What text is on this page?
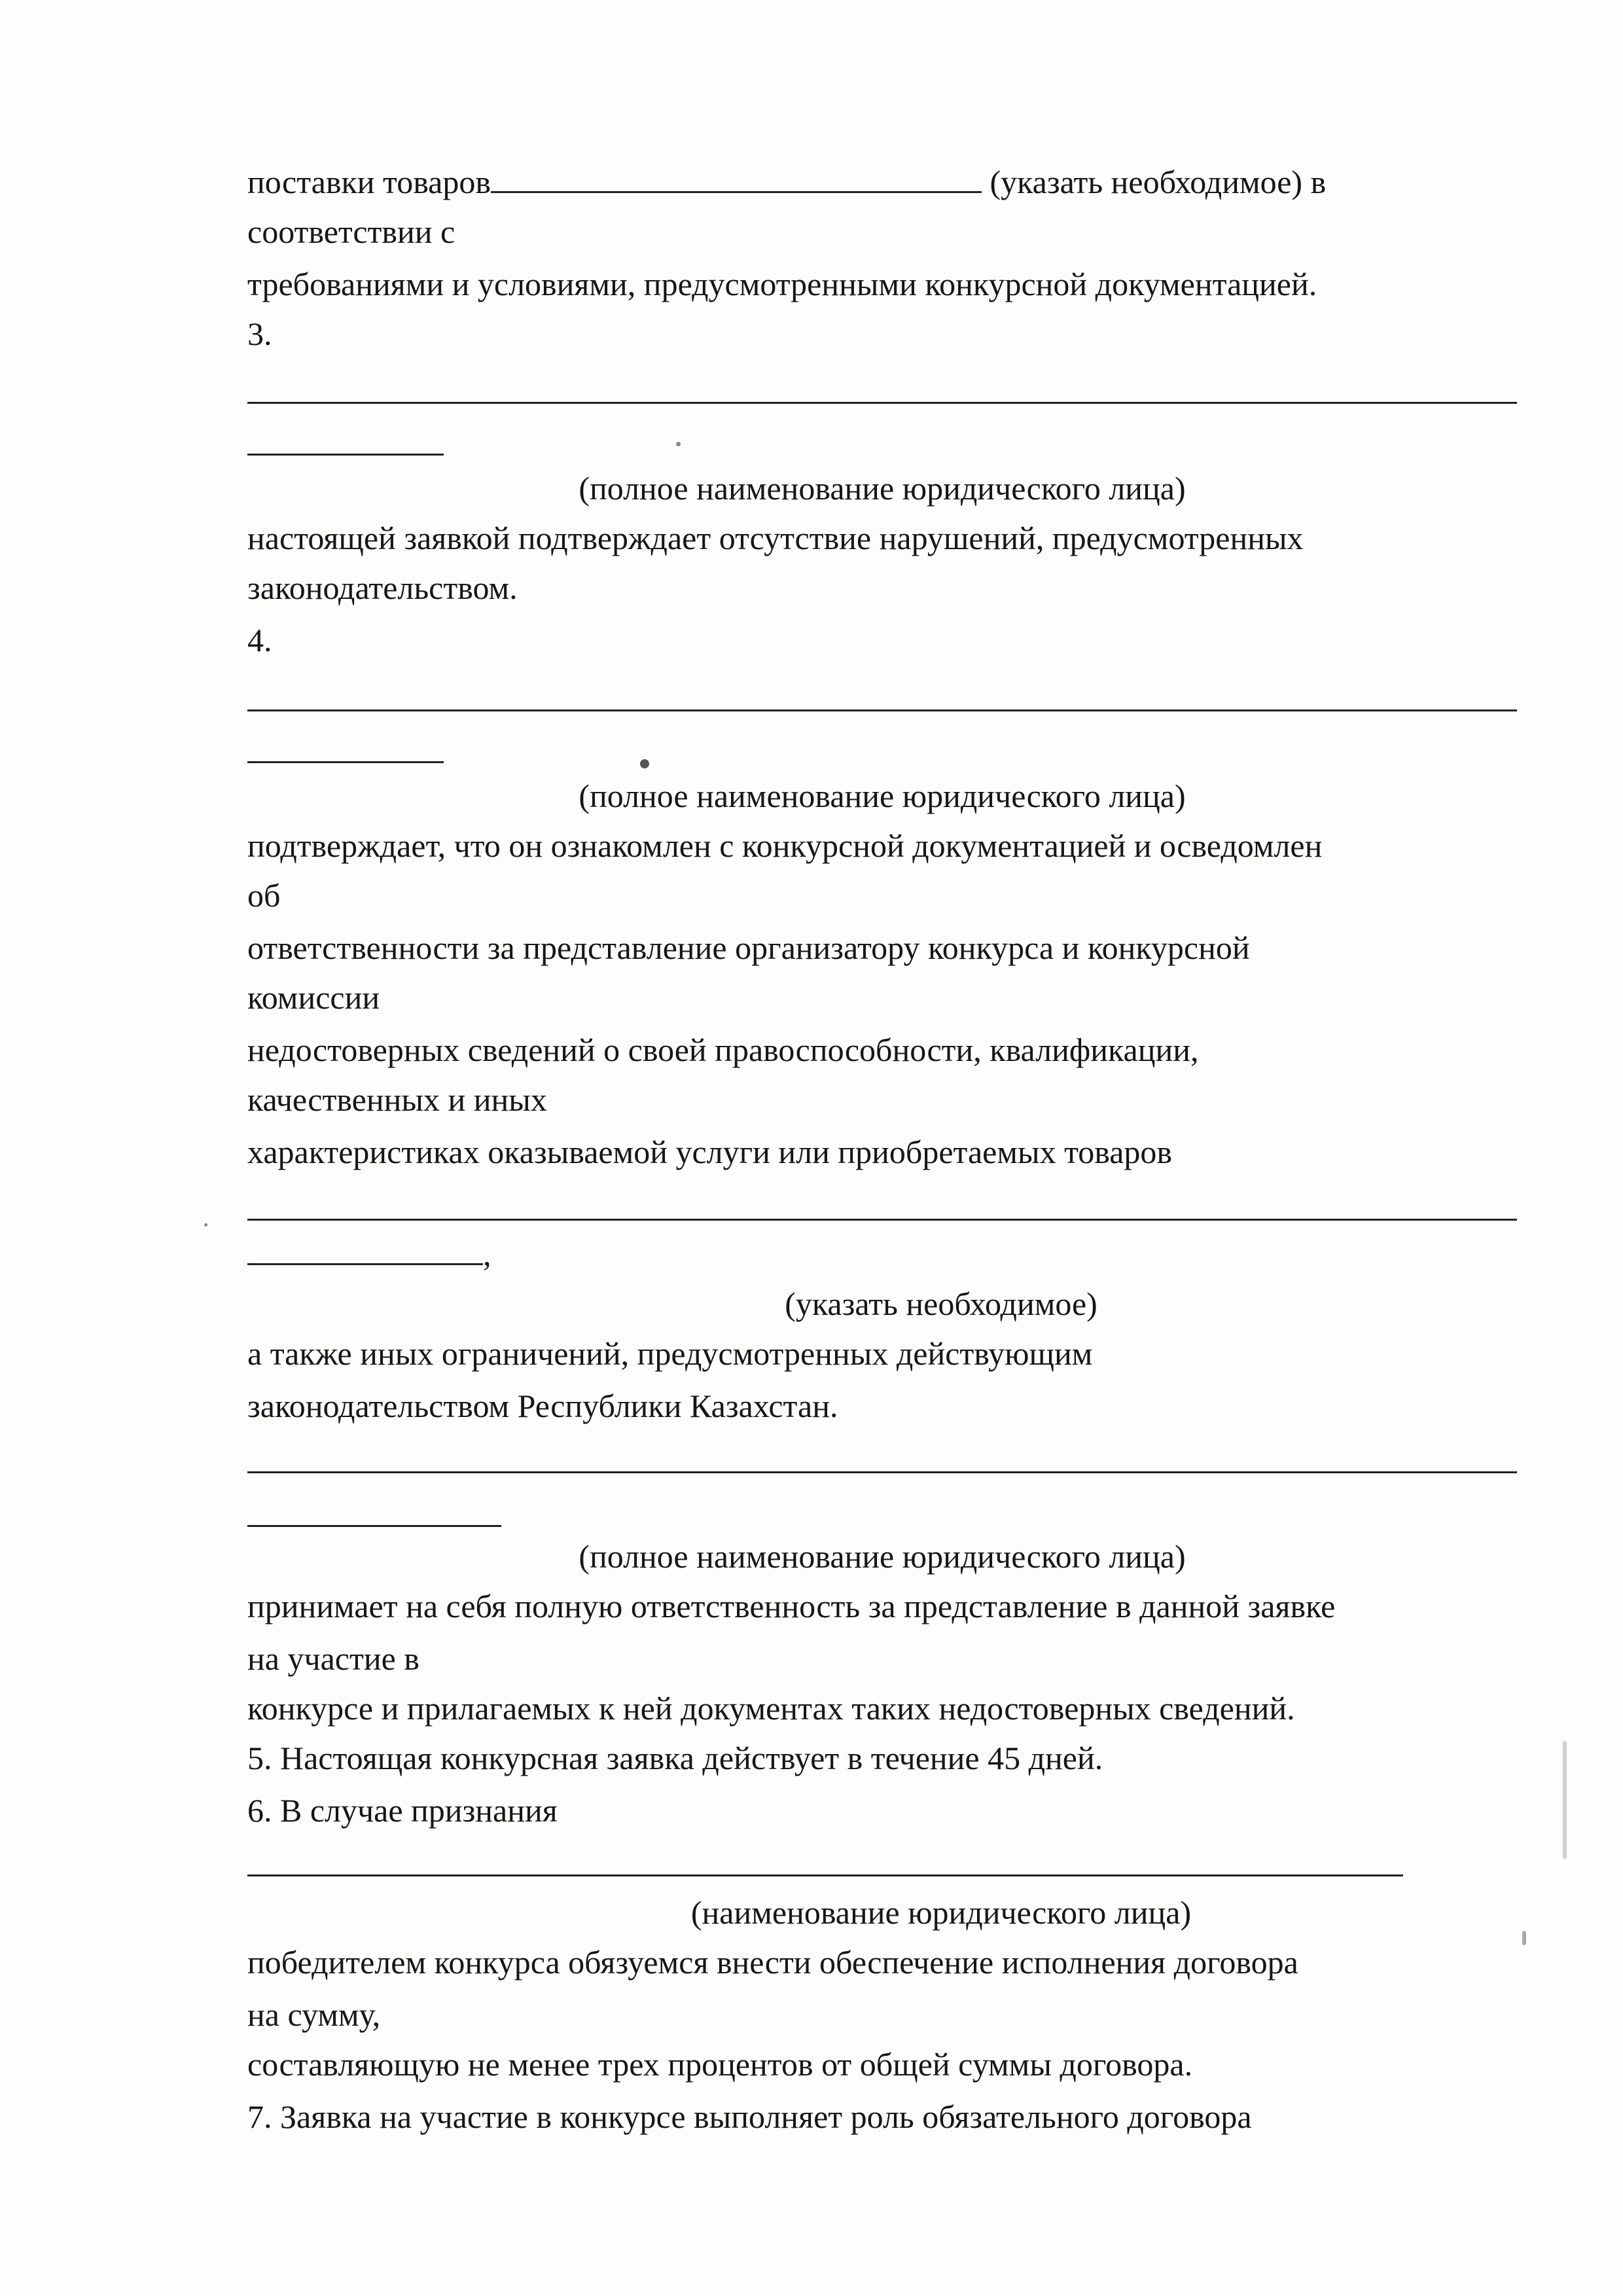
поставки товаров	(указать необходимое) в
соответствии с
требованиями и условиями, предусмотренными конкурсной документацией.
3.
(полное наименование юридического лица)
настоящей заявкой подтверждает отсутствие нарушений, предусмотренных
законодательством.
4.
(полное наименование юридического лица)
подтверждает, что он ознакомлен с конкурсной документацией и осведомлен
об
ответственности за представление организатору конкурса и конкурсной
комиссии
недостоверных сведений о своей правоспособности, квалификации,
качественных и иных
характеристиках оказываемой услуги или приобретаемых товаров
,
(указать необходимое)
а также иных ограничений, предусмотренных действующим
законодательством Республики Казахстан.
(полное наименование юридического лица)
принимает на себя полную ответственность за представление в данной заявке
на участие в
конкурсе и прилагаемых к ней документах таких недостоверных сведений.
5. Настоящая конкурсная заявка действует в течение 45 дней.
6. В случае признания
(наименование юридического лица)
победителем конкурса обязуемся внести обеспечение исполнения договора
на сумму,
составляющую не менее трех процентов от общей суммы договора.
7. Заявка на участие в конкурсе выполняет роль обязательного договора
